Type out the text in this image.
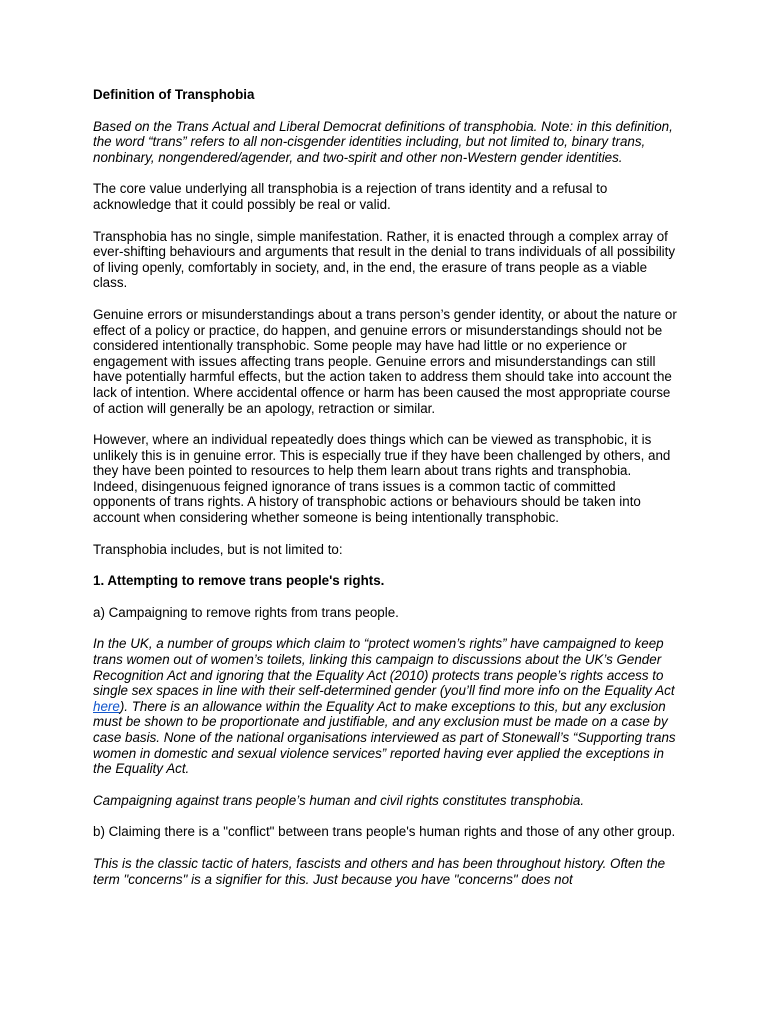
Definition of Transphobia

Based on the Trans Actual and Liberal Democrat definitions of transphobia. Note: in this definition, the word “trans” refers to all non-cisgender identities including, but not limited to, binary trans, nonbinary, nongendered/agender, and two-spirit and other non-Western gender identities.

The core value underlying all transphobia is a rejection of trans identity and a refusal to acknowledge that it could possibly be real or valid.

Transphobia has no single, simple manifestation. Rather, it is enacted through a complex array of ever-shifting behaviours and arguments that result in the denial to trans individuals of all possibility of living openly, comfortably in society, and, in the end, the erasure of trans people as a viable class.

Genuine errors or misunderstandings about a trans person’s gender identity, or about the nature or effect of a policy or practice, do happen, and genuine errors or misunderstandings should not be considered intentionally transphobic. Some people may have had little or no experience or engagement with issues affecting trans people. Genuine errors and misunderstandings can still have potentially harmful effects, but the action taken to address them should take into account the lack of intention. Where accidental offence or harm has been caused the most appropriate course of action will generally be an apology, retraction or similar.

However, where an individual repeatedly does things which can be viewed as transphobic, it is unlikely this is in genuine error. This is especially true if they have been challenged by others, and they have been pointed to resources to help them learn about trans rights and transphobia. Indeed, disingenuous feigned ignorance of trans issues is a common tactic of committed opponents of trans rights. A history of transphobic actions or behaviours should be taken into account when considering whether someone is being intentionally transphobic.

Transphobia includes, but is not limited to:

1. Attempting to remove trans people's rights.

a) Campaigning to remove rights from trans people.

In the UK, a number of groups which claim to “protect women’s rights” have campaigned to keep trans women out of women’s toilets, linking this campaign to discussions about the UK’s Gender Recognition Act and ignoring that the Equality Act (2010) protects trans people’s rights access to single sex spaces in line with their self-determined gender (you’ll find more info on the Equality Act here). There is an allowance within the Equality Act to make exceptions to this, but any exclusion must be shown to be proportionate and justifiable, and any exclusion must be made on a case by case basis. None of the national organisations interviewed as part of Stonewall’s “Supporting trans women in domestic and sexual violence services” reported having ever applied the exceptions in the Equality Act.

Campaigning against trans people’s human and civil rights constitutes transphobia.

b) Claiming there is a "conflict" between trans people's human rights and those of any other group.

This is the classic tactic of haters, fascists and others and has been throughout history. Often the term "concerns" is a signifier for this. Just because you have "concerns" does not
